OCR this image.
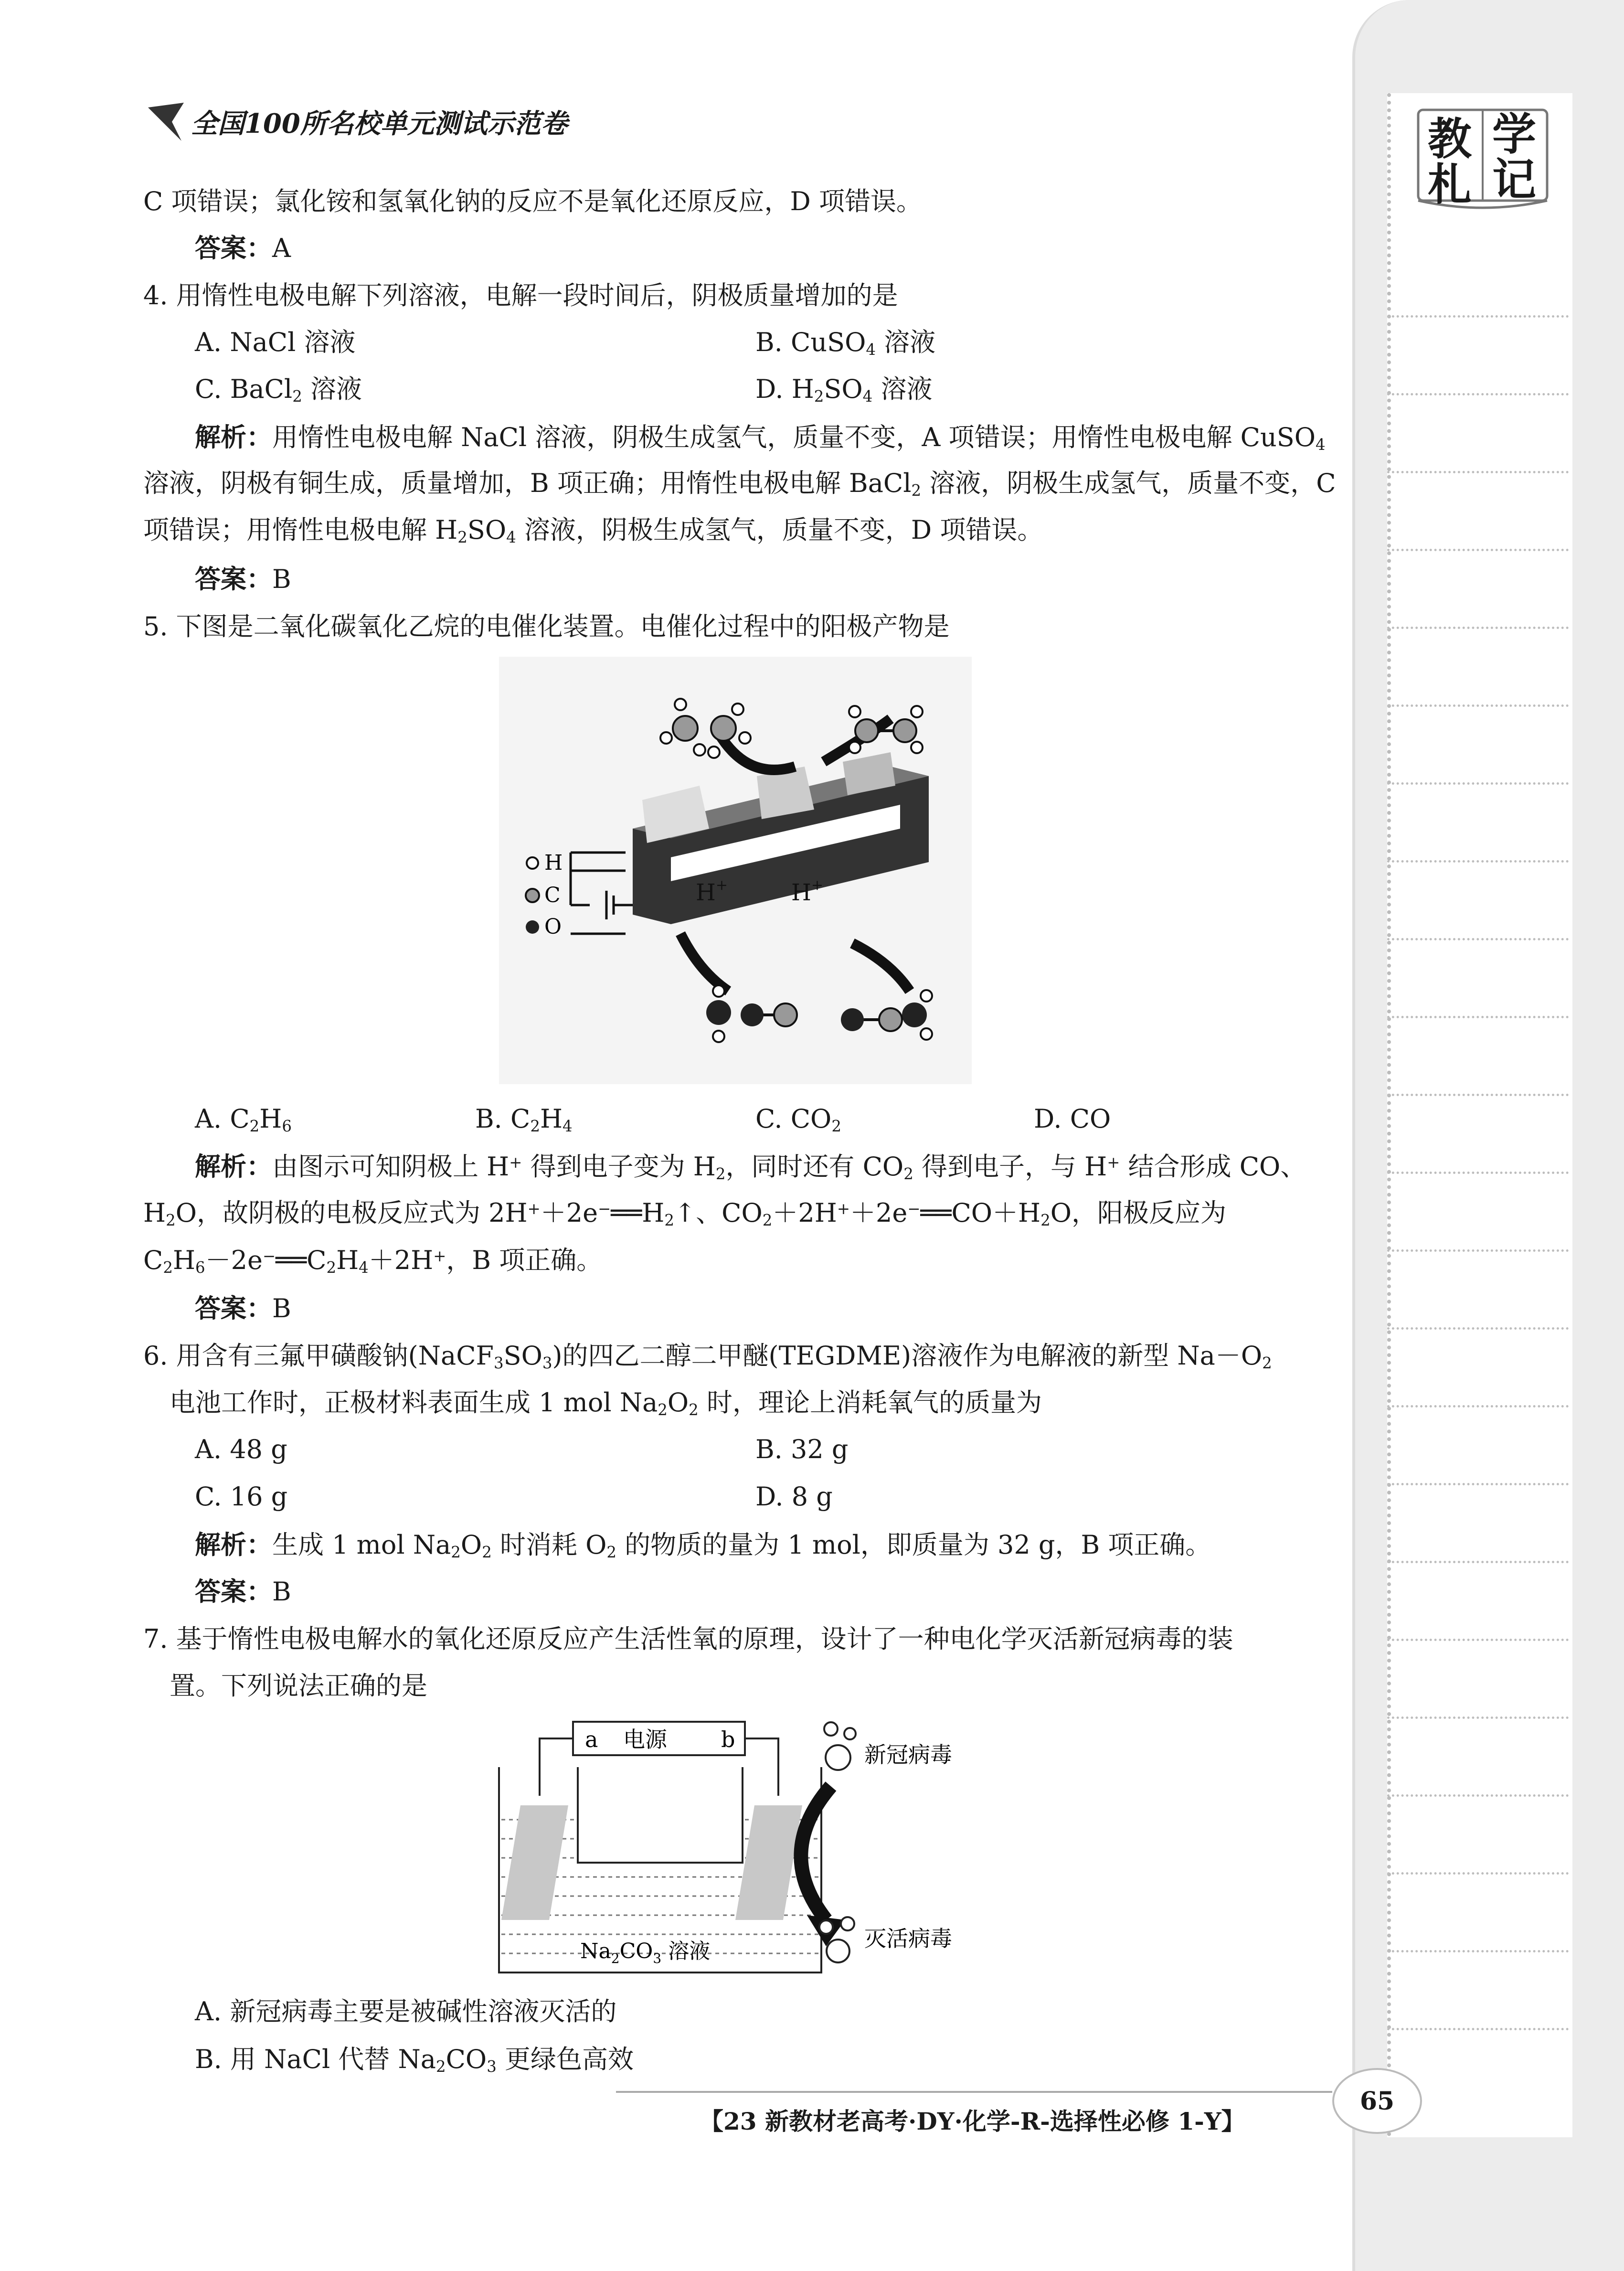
教 学
札 记
全国100所名校单元测试示范卷
C 项错误；氯化铵和氢氧化钠的反应不是氧化还原反应，D 项错误。
答案：A
4. 用惰性电极电解下列溶液，电解一段时间后，阴极质量增加的是
A. NaCl 溶液	B. CuSO$_4$ 溶液
C. BaCl$_2$ 溶液	D. $H_2SO_4$ 溶液
解析：用惰性电极电解 NaCl 溶液，阴极生成氢气，质量不变，A 项错误；用惰性电极电解 CuSO$_4$
溶液，阴极有铜生成，质量增加，B 项正确；用惰性电极电解 BaCl$_2$ 溶液，阴极生成氢气，质量不变，C
项错误；用惰性电极电解 $H_2SO_4$ 溶液，阴极生成氢气，质量不变，D 项错误。
答案：B
5. 下图是二氧化碳氧化乙烷的电催化装置。电催化过程中的阳极产物是
H+	H+
H
C
O
A. $C_2H_6$	B. $C_2H_4$	C. $CO_2$	D. CO
解析：由图示可知阴极上 H+ 得到电子变为 $H_2$，同时还有 $CO_2$ 得到电子，与 H+ 结合形成 CO、
$H_2O$，故阴极的电极反应式为 $2H^++2e^-══H_2↑$、$CO_2+2H^++2e^-══CO+H_2O$，阳极反应为
$C_2H_6-2e^-══C_2H_4+2H^+$，B 项正确。
答案：B
6. 用含有三氟甲磺酸钠$(NaCF_3SO_3)$的四乙二醇二甲醚(TEGDME)溶液作为电解液的新型 $Na-O_2$
电池工作时，正极材料表面生成 1 mol $Na_2O_2$ 时，理论上消耗氧气的质量为
A. 48 g	B. 32 g
C. 16 g	D. 8 g
解析：生成 1 mol $Na_2O_2$ 时消耗 $O_2$ 的物质的量为 1 mol，即质量为 32 g，B 项正确。
答案：B
7. 基于惰性电极电解水的氧化还原反应产生活性氧的原理，设计了一种电化学灭活新冠病毒的装
置。下列说法正确的是
a 电源 b
新冠病毒
灭活病毒
$Na_2CO_3$ 溶液
A. 新冠病毒主要是被碱性溶液灭活的
B. 用 NaCl 代替 $Na_2CO_3$ 更绿色高效
【23 新教材老高考·DY·化学-R-选择性必修 1-Y】
65
